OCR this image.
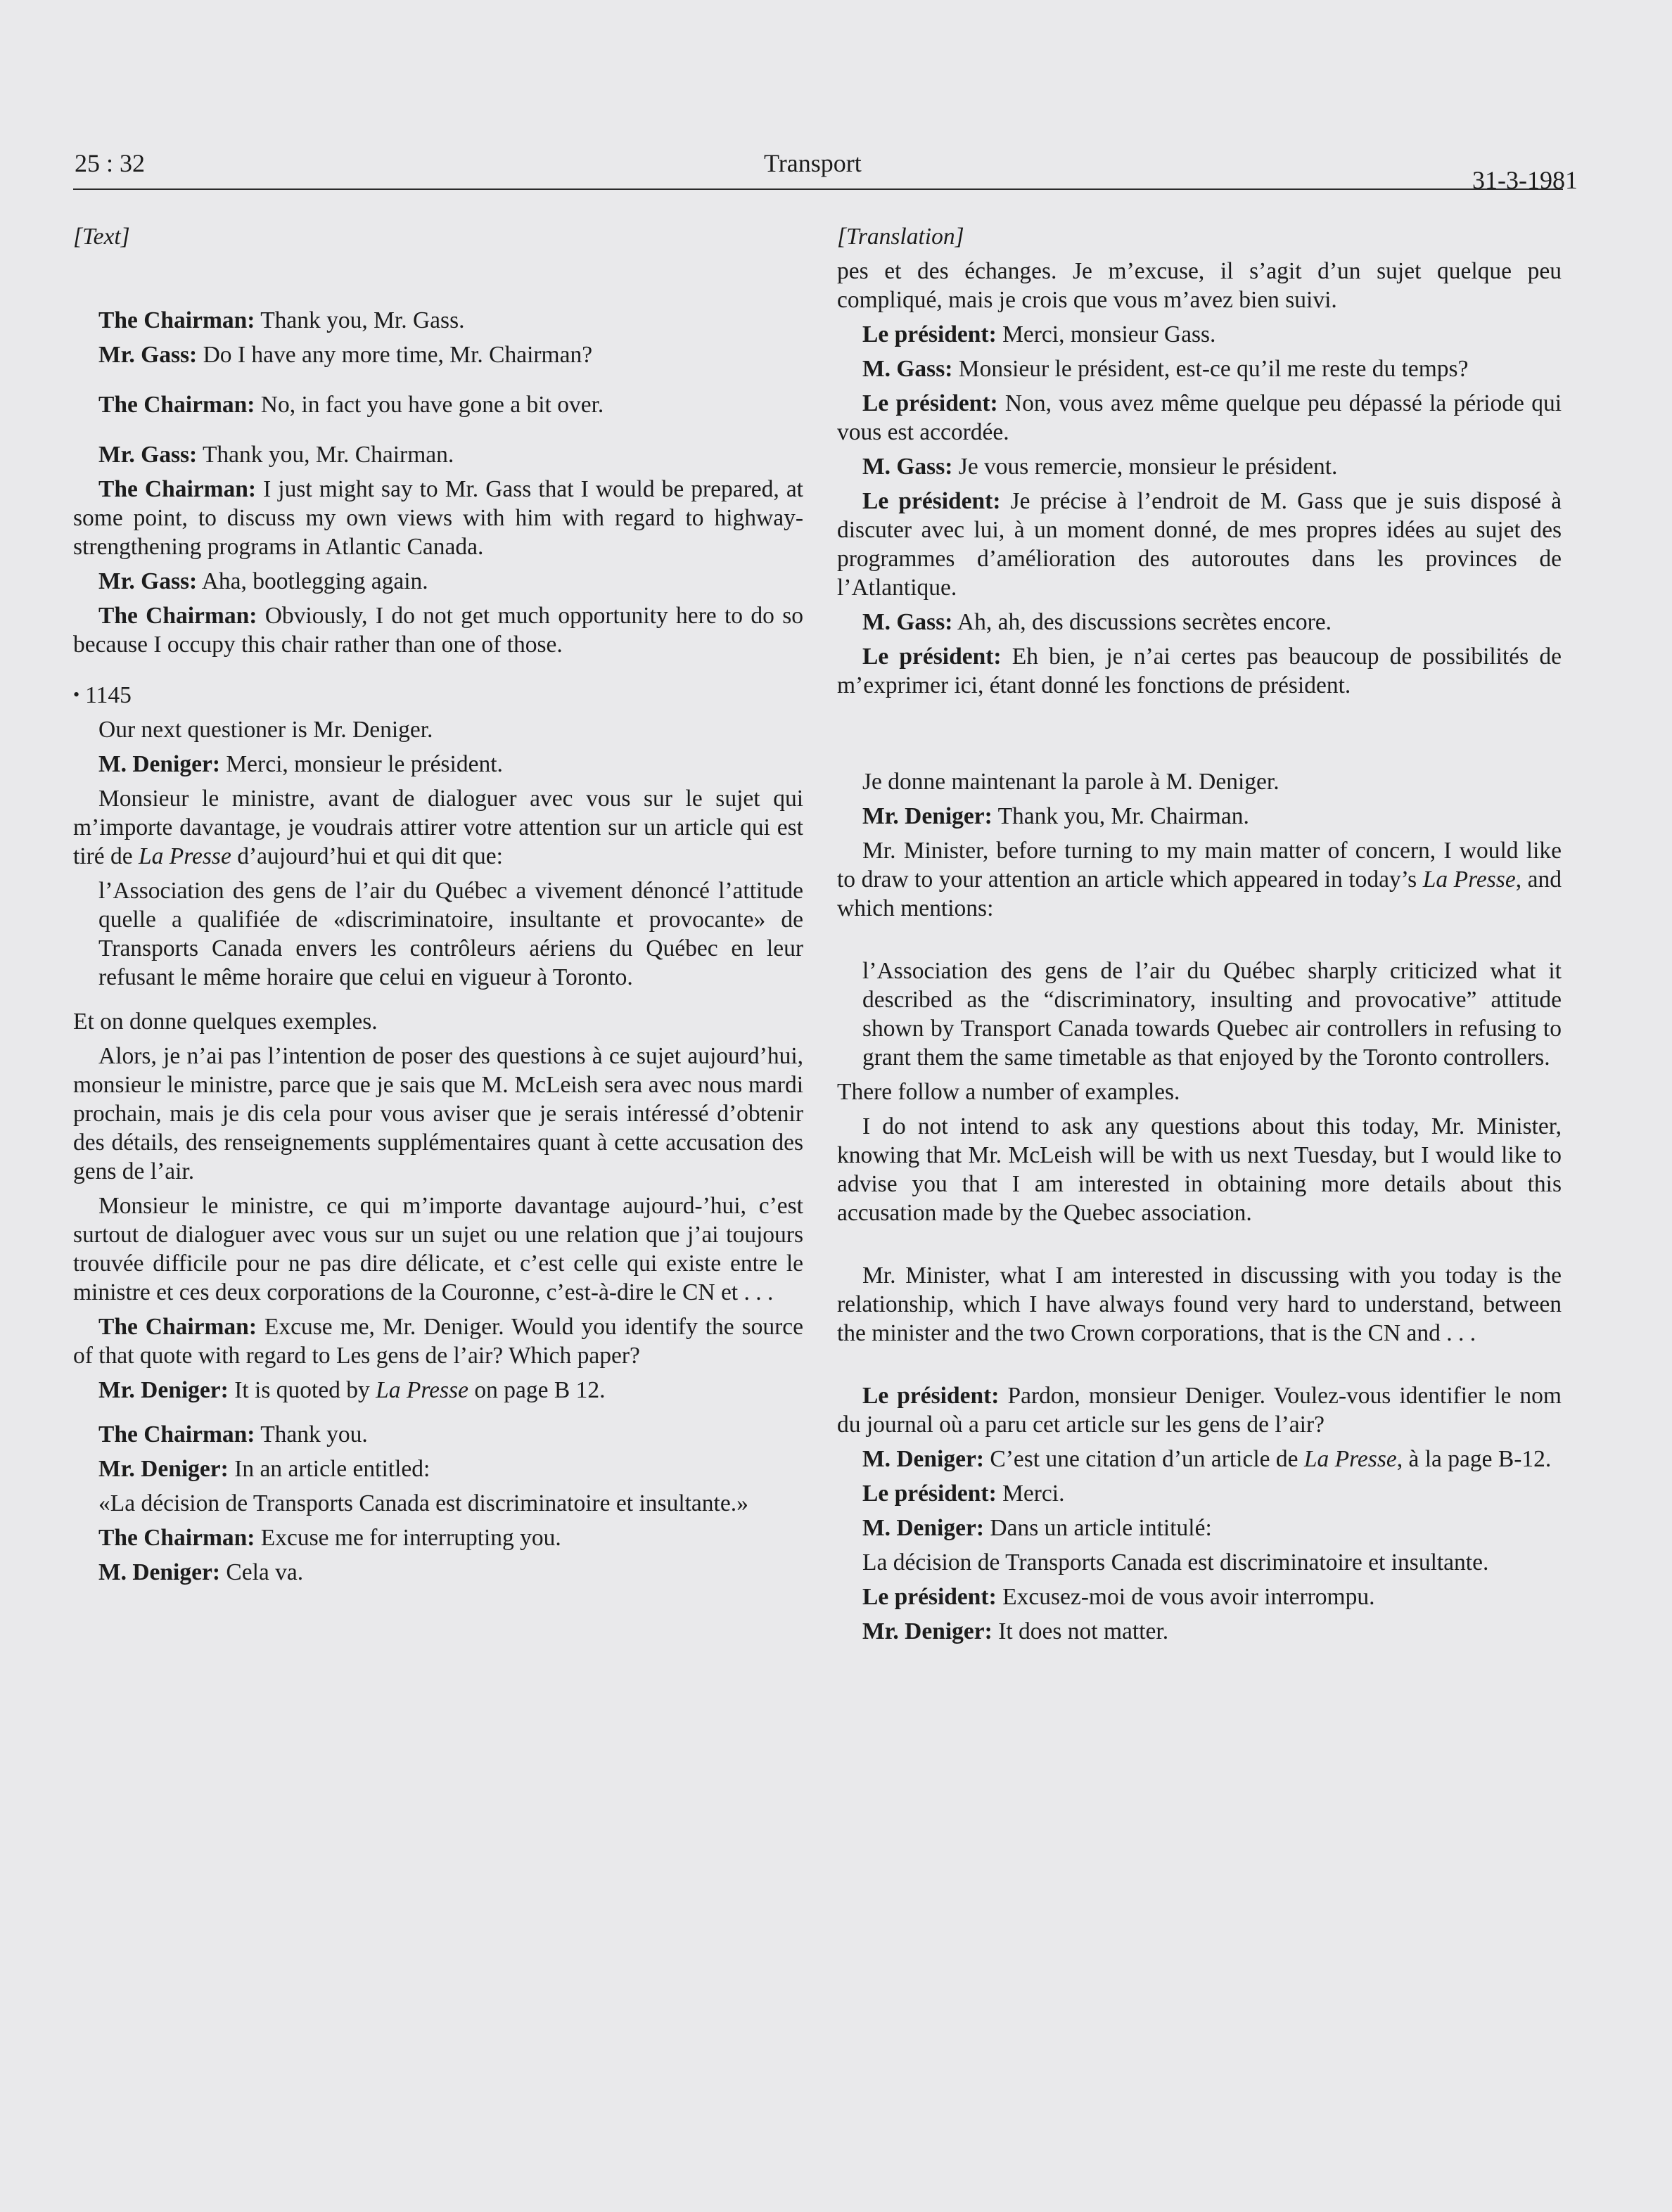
25 : 32	Transport
31-3-1981

[Text]

The Chairman: Thank you, Mr. Gass.

Mr. Gass: Do I have any more time, Mr. Chairman?

The Chairman: No, in fact you have gone a bit over.

Mr. Gass: Thank you, Mr. Chairman.

The Chairman: I just might say to Mr. Gass that I would be prepared, at some point, to discuss my own views with him with regard to highway-strengthening programs in Atlantic Canada.

Mr. Gass: Aha, bootlegging again.

The Chairman: Obviously, I do not get much opportunity here to do so because I occupy this chair rather than one of those.

• 1145

Our next questioner is Mr. Deniger.

M. Deniger: Merci, monsieur le président.

Monsieur le ministre, avant de dialoguer avec vous sur le sujet qui m’importe davantage, je voudrais attirer votre attention sur un article qui est tiré de La Presse d’aujourd’hui et qui dit que:

l’Association des gens de l’air du Québec a vivement dénoncé l’attitude quelle a qualifiée de «discriminatoire, insultante et provocante» de Transports Canada envers les contrôleurs aériens du Québec en leur refusant le même horaire que celui en vigueur à Toronto.

Et on donne quelques exemples.

Alors, je n’ai pas l’intention de poser des questions à ce sujet aujourd’hui, monsieur le ministre, parce que je sais que M. McLeish sera avec nous mardi prochain, mais je dis cela pour vous aviser que je serais intéressé d’obtenir des détails, des renseignements supplémentaires quant à cette accusation des gens de l’air.

Monsieur le ministre, ce qui m’importe davantage aujourd-’hui, c’est surtout de dialoguer avec vous sur un sujet ou une relation que j’ai toujours trouvée difficile pour ne pas dire délicate, et c’est celle qui existe entre le ministre et ces deux corporations de la Couronne, c’est-à-dire le CN et . . .

The Chairman: Excuse me, Mr. Deniger. Would you identify the source of that quote with regard to Les gens de l’air? Which paper?

Mr. Deniger: It is quoted by La Presse on page B 12.

The Chairman: Thank you.

Mr. Deniger: In an article entitled:

«La décision de Transports Canada est discriminatoire et insultante.»

The Chairman: Excuse me for interrupting you.

M. Deniger: Cela va.

[Translation]

pes et des échanges. Je m’excuse, il s’agit d’un sujet quelque peu compliqué, mais je crois que vous m’avez bien suivi.

Le président: Merci, monsieur Gass.

M. Gass: Monsieur le président, est-ce qu’il me reste du temps?

Le président: Non, vous avez même quelque peu dépassé la période qui vous est accordée.

M. Gass: Je vous remercie, monsieur le président.

Le président: Je précise à l’endroit de M. Gass que je suis disposé à discuter avec lui, à un moment donné, de mes propres idées au sujet des programmes d’amélioration des autoroutes dans les provinces de l’Atlantique.

M. Gass: Ah, ah, des discussions secrètes encore.

Le président: Eh bien, je n’ai certes pas beaucoup de possibilités de m’exprimer ici, étant donné les fonctions de président.

Je donne maintenant la parole à M. Deniger.

Mr. Deniger: Thank you, Mr. Chairman.

Mr. Minister, before turning to my main matter of concern, I would like to draw to your attention an article which appeared in today’s La Presse, and which mentions:

l’Association des gens de l’air du Québec sharply criticized what it described as the “discriminatory, insulting and provocative” attitude shown by Transport Canada towards Quebec air controllers in refusing to grant them the same timetable as that enjoyed by the Toronto controllers.

There follow a number of examples.

I do not intend to ask any questions about this today, Mr. Minister, knowing that Mr. McLeish will be with us next Tuesday, but I would like to advise you that I am interested in obtaining more details about this accusation made by the Quebec association.

Mr. Minister, what I am interested in discussing with you today is the relationship, which I have always found very hard to understand, between the minister and the two Crown corporations, that is the CN and . . .

Le président: Pardon, monsieur Deniger. Voulez-vous identifier le nom du journal où a paru cet article sur les gens de l’air?

M. Deniger: C’est une citation d’un article de La Presse, à la page B-12.

Le président: Merci.

M. Deniger: Dans un article intitulé:

La décision de Transports Canada est discriminatoire et insultante.

Le président: Excusez-moi de vous avoir interrompu.

Mr. Deniger: It does not matter.
